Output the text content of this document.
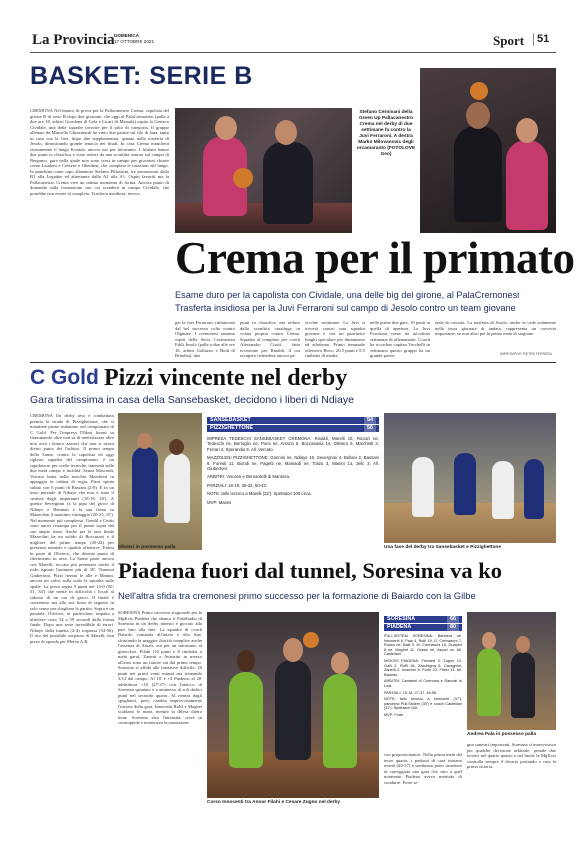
La Provincia DOMENICA
17 OTTOBRE 2021	Sport 51
BASKET: SERIE B
CREMONA Nel bianco di prova per la Pallacanestro Crema, capolista del girone B di serie B dopo due giornate, che oggi al PalaCremonesi (palla a due ore 18, arbitri Giordano di Gela e Licari di Marsala) ospita la Gesteco Cividale, una delle squadre favorite per il salto di categoria. Il gruppo allenato da Marcello Ghizzinardi ha vinto due partite sul filo di lana, tanto in casa con la Juvi, dopo due supplementari, quanto nella trasferta di Jesolo, dimostrando grande tenacia nei finali. In casa Crema mancherà sicuramente il lungo Kontoh, ancora out per infortunio. I friulani hanno due punti in classifica e sono reduci da una sconfitta sonora sul campo di Bergamo, gara nella quale non sono scesi in campo per giocatori chiave come Laudoni e Cassese e Ohenhen, che completa le rotazioni del lungo. In panchina come capo allenatore Stefano Pillastrini, tre promozioni dalla B1 alla Legadue ed altrettante dalla A2 alla A1. Ospiti favoriti ma la Pallacanestro Crema vive un ottimo momento di forma. Ancora punto di domanda sulla formazione con cui scenderà in campo Cividale, che potrebbe non essere al completo. Trasferta insidiosa, invece,
Stefano Cernivani della Green Up Pallacanestro Crema nel derby di due settimane fa contro la Juvi Ferraroni. A destra Marko Milovanovic degli orcamaranto (FOTOLOVE Geo)
Crema per il primato
Esame duro per la capolista con Cividale, una delle big del girone, al PalaCremonesi
Trasferta insidiosa per la Juvi Ferraroni sul campo di Jesolo contro un team giovane
per la Juvi Ferraroni, rinfrancata dal bel successo colto contro Olginate. I cremonesi saranno ospiti della Secis Costruzioni Edili Jesolo (palla a due alle ore 18, arbitri Galluzzo e Bodi di Brindisi), due
punti in classifica, ma reduce dalla sconfitta casalinga in volata proprio contro Crema. Squadra al completo per coach Alessandro Crotti, fatta eccezione per Rinaldi, il cui recupero richiederà ancora pa-
recchie settimane. La Juvi si troverà contro una squadra giovane e con un panchetto lunghi speculare per dinamismo ed atletismo. Primo terminale offensivo Bovo, 20.5 punti e 8.5 rimbalzi di media
nelle prime due gare, 10 punti in quella di apertura. La Juvi Ferraroni viene da un'ottima settimana di allenamenti. Coach ha ricordato capitan Vacchelli in settimana questo gruppo ha un grande poten-
ziale di crescita. La trasferta di Jesolo, anche se cade solamente nella terza giornata di andata, rappresenta un crocevia importante, se non altro per la prima metà di stagione.
IMPROMPIVE PIETRE FERRERA
C Gold Pizzi vincente nel derby
Gara tiratissima in casa della Sansebasket, decidono i liberi di Ndiaye
CREMONA Un derby teso e combattuto premia la strada di Pizzighettone, che si mantiene primo imbattuto nel campionato di C Gold. Per l'impresa l'Edesi hireni sa fitaminando oltre non sa di metterizzare oltre non avrà i bianco azzurri che non si tirava dietro punto dei l'arbitro. Il primo tempo della Sanse, contro la capolista ed oggi rigliore squadra del campionato, è un capolavoro per scelte tecniche, intensità sulle due metà campo e lucidità. Senza Mascardi, Vercato butta nella mischia Marchetti in appoggio in cabina di regia. Pizzi spinta subito con 6 punti di Bassani (2-9). E in un testo parziale di Ndiaye che non è stato il cestista degli importanti (18-18, 10'). A questo Severgnini fa la pipa del gioco di Ndiaye e Benmati e la sua firma su Mazzoleni il massimo vantaggio (20-25, 15'). Nel momento più complesso, Gendil e Ciniis sono nuovi ristampa per il punto sopra dal suo ampio riuso. Anche per la sera finale Mazzolini ha un solido di Boccasavi e il migliore del primo tempo (20-22) per presenza mentale e qualità offensive. Entrai in parte di Oliviero, che diventa punto di riferimento in area. La Sanse parte ancora con Marelli, toccata più premesso anche il rodo ispirati l'autunno più di 30'. Timeout Giubertoni. Pizzi rientra le alle e Manini, ancora un volta, sulla scala la squadra sulle spalle. La presa segna 9 punti nel 14-0 (50-51, 34') che mette in difficoltà i locali al ridosso di un ora di gioco. Il finale è convenuto ma alla sua linea di segnato in solo senso per sbagliare la partita. Sopra è un parziale. Oliviero, in particolare, impatta a ulteriore cesto 54 a 59 secondi dalla forma finale. Dopo una serie incredibile di errori. Ndiaye dalla lunetta (2-4) sorpassa (54-56). Il tiro del possibile sorpasso di Marelli, ben preso di sponda per Mereu A.R.
Olivieri in possesso palla
SANSEBASKET	54
PIZZIGHETTONE	56
IMPRESA TEDESCHI SANSEBASKET CREMONA: Rinaldi, Marelli 15, Riccari ne, Tedeschi ne, Bertoglio ne, Pomi ne, Arrazzi 6, Boccasavia 14, Oliviero 9, Marchetti 3, Ferrari 2, Sperandio 5. All. Vercato.
MAZZOLENI PIZZIGHETTONE: Gonnini ne, Ndiaye 10, Severgnini 4, Bellani 2, Bassani 9, Foresti 11, Biondi ne, Pagetti ne, Mainardi ne, Tolusi 3, Manini 14, Jelic 3. All. Giubertoni.
ARBITRI: Viscarsi e Bernardelli di Mantova.
PARZIALI: 18-19, 36-32, 50-43.
NOTE: tallo tecnico a Marelli (32'). Spettatori 100 circa.
MVP: Manini
Una fase del derby tra Sansebasket e Pizzighettone
Piadena fuori dal tunnel, Soresina va ko
Nell'altra sfida tra cremonesi primo successo per la formazione di Baiardo con la Gilbe
SORESINA Primo successo stagionale per la MgKvis Piadena che sbanca il PalaStadio di Soresina in un derby intenso e giocato alla pari fino alla fine. La squadra di coach Baiardo comanda all'inizio e alla fine, sfruttando la maggior fisicità complice anche l'assenza di Assali, out per un infortunio al ginocchio. Filahi (10 punti e 8 rimbalzi a metà gara), Zanetti e Avanzini in mezzo all'area sono un fattore sin dal primo tempo. Soresina si affida alle iniziative difficile, 20 punti nei primi venti minuti ma trainando 3/12 dal campo. Al 10' è +3 Piadena, al 20' addirittura +10 (27-37) con l'attacco di Soresina spuntato e a ammesso di soli dodici punti nel secondo quarto. Al rientro dagli spogliatoi, però, cambia improvvisamente l'inerzia della gara. Innocenti Rolfi e Maghet scaldano le mani, mentre la difesa dietro tiene. Soresina alza l'intensità, corre in contropiede e monetizza la transizione.
Corso Innocenti tra Anour Filahi e Cesare Zugno nel derby
SORESINA	66
PIADENA	80
PULI-SISTEM SORESINA: Bandera ne, Innocenti 6, Paia 4, Rolfi 19, G. Cremaschi 7, Russo ne, Balti 5, M. Cremaschi 16, Guaperi 8 ne, Maghet 11, Grassi ne, Ascari ne. All. Castellani.
MGKVIS PIADENA: Ferrazzi 3, Zugno 10, Galli 2, Roffi 18, Zacchigna 5, Cavagnini, Zanetti 2, Avanzini 8, Forte 23, Filahi 13. All. Baiardo.
ARBITRI: Cantarini di Cremona e Rancati di Lodi.
PARZIALI: 15-18, 27-37, 48-56.
NOTE: fallo tecnico a Innocenti (37'), panchina Puli-Sistem (35') e coach Castellani (37'). Spettatori 100.
MVP: Forte
con proporzionatori. Nella prima metà del terzo quarto, i padroni di casa tornano avanti (40-37) e sembrano poter rimettere in carreggiata una gara che sino a quel momento Piadena aveva meritato di condurre. Forte se-
Andrea Pala in possesso palla
gna canestri importanti, Soresina si innervosisce per qualche decisione arbitrale, prende due tecnici nel quarto quarto e nel finale la MgKvis controlla sempre il divario portando a casa la prima vittoria.
